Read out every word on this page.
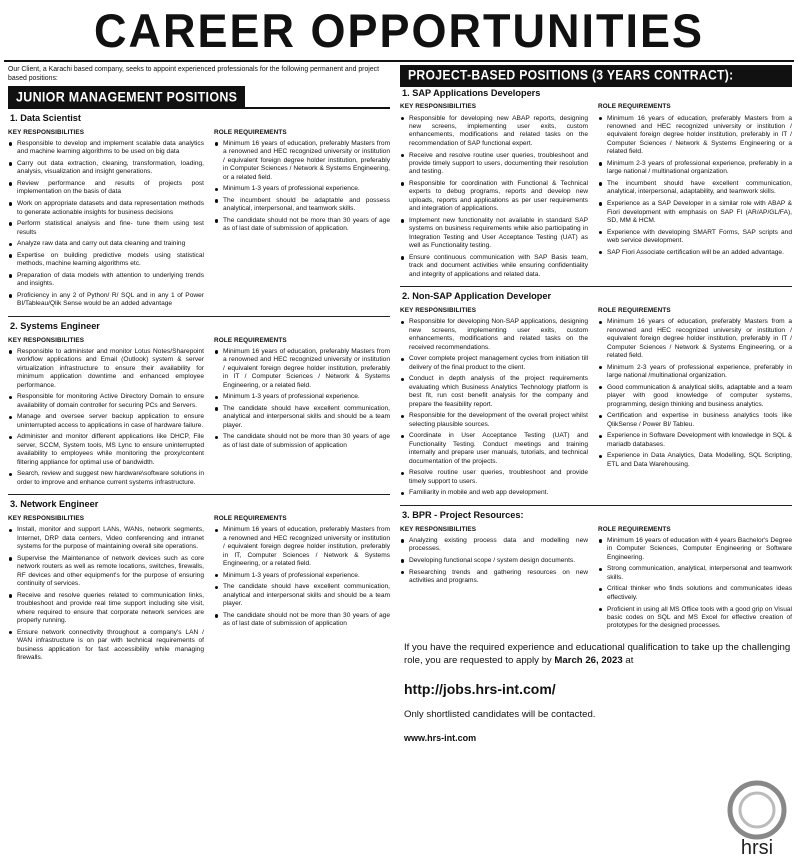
CAREER OPPORTUNITIES

Our Client, a Karachi based company, seeks to appoint experienced professionals for the following permanent and project based positions:

JUNIOR MANAGEMENT POSITIONS
1. Data Scientist
KEY RESPONSIBILITIES
Responsible to develop and implement scalable data analytics and machine learning algorithms to be used on big data
Carry out data extraction, cleaning, transformation, loading, analysis, visualization and insight generations.
Review performance and results of projects post implementation on the basis of data
Work on appropriate datasets and data representation methods to generate actionable insights for business decisions
Perform statistical analysis and fine- tune them using test results
Analyze raw data and carry out data cleaning and training
Expertise on building predictive models using statistical methods, machine learning algorithms etc.
Preparation of data models with attention to underlying trends and insights.
Proficiency in any 2 of Python/ R/ SQL and in any 1 of Power BI/Tableau/Qlik Sense would be an added advantage
ROLE REQUIREMENTS
Minimum 16 years of education, preferably Masters from a renowned and HEC recognized university or institution / equivalent foreign degree holder institution, preferably in Computer Sciences / Network & Systems Engineering, or a related field.
Minimum 1-3 years of professional experience.
The incumbent should be adaptable and possess analytical, interpersonal, and teamwork skills.
The candidate should not be more than 30 years of age as of last date of submission of application.
2. Systems Engineer
KEY RESPONSIBILITIES
Responsible to administer and monitor Lotus Notes/Sharepoint workflow applications and Email (Outlook) system & server virtualization infrastructure to ensure their availability for minimum application downtime and enhanced employee performance.
Responsible for monitoring Active Directory Domain to ensure availability of domain controller for securing PCs and Servers.
Manage and oversee server backup application to ensure uninterrupted access to applications in case of hardware failure.
Administer and monitor different applications like DHCP, File server, SCCM, System tools, MS Lync to ensure uninterrupted availability to employees while monitoring the proxy/content filtering appliance for optimal use of bandwidth.
Search, review and suggest new hardware\software solutions in order to improve and enhance current systems infrastructure.
ROLE REQUIREMENTS
Minimum 16 years of education, preferably Masters from a renowned and HEC recognized university or institution / equivalent foreign degree holder institution, preferably in IT / Computer Sciences / Network & Systems Engineering, or a related field.
Minimum 1-3 years of professional experience.
The candidate should have excellent communication, analytical and interpersonal skills and should be a team player.
The candidate should not be more than 30 years of age as of last date of submission of application
3. Network Engineer
KEY RESPONSIBILITIES
Install, monitor and support LANs, WANs, network segments, Internet, DRP data centers, Video conferencing and intranet systems for the purpose of maintaining overall site operations.
Supervise the Maintenance of network devices such as core network routers as well as remote locations, switches, firewalls, RF devices and other equipment's for the purpose of ensuring continuity of services.
Receive and resolve queries related to communication links, troubleshoot and provide real time support including site visit, where required to ensure that corporate network services are properly running.
Ensure network connectivity throughout a company's LAN / WAN infrastructure is on par with technical requirements of business application for fast accessibility while managing firewalls.
ROLE REQUIREMENTS
Minimum 16 years of education, preferably Masters from a renowned and HEC recognized university or institution / equivalent foreign degree holder institution, preferably in IT, Computer Sciences / Network & Systems Engineering, or a related field.
Minimum 1-3 years of professional experience.
The candidate should have excellent communication, analytical and interpersonal skills and should be a team player.
The candidate should not be more than 30 years of age as of last date of submission of application
PROJECT-BASED POSITIONS (3 YEARS CONTRACT):
1. SAP Applications Developers
KEY RESPONSIBILITIES
Responsible for developing new ABAP reports, designing new screens, implementing user exits, custom enhancements, modifications and related tasks on the recommendation of SAP functional expert.
Receive and resolve routine user queries, troubleshoot and provide timely support to users, documenting their resolution and testing.
Responsible for coordination with Functional & Technical experts to debug programs, reports and develop new uploads, reports and applications as per user requirements and integration of applications.
Implement new functionality not available in standard SAP systems on business requirements while also participating in Integration Testing and User Acceptance Testing (UAT) as well as Functionality testing.
Ensure continuous communication with SAP Basis team, track and document activities while ensuring confidentiality and integrity of applications and related data.
ROLE REQUIREMENTS
Minimum 16 years of education, preferably Masters from a renowned and HEC recognized university or institution / equivalent foreign degree holder institution, preferably in IT / Computer Sciences / Network & Systems Engineering or a related field.
Minimum 2-3 years of professional experience, preferably in a large national / multinational organization.
The incumbent should have excellent communication, analytical, interpersonal, adaptability, and teamwork skills.
Experience as a SAP Developer in a similar role with ABAP & Fiori development with emphasis on SAP FI (AR/AP/GL/FA), SD, MM & HCM.
Experience with developing SMART Forms, SAP scripts and web service development.
SAP Fiori Associate certification will be an added advantage.
2. Non-SAP Application Developer
KEY RESPONSIBILITIES
Responsible for developing Non-SAP applications, designing new screens, implementing user exits, custom enhancements, modifications and related tasks on the received recommendations.
Cover complete project management cycles from initiation till delivery of the final product to the client.
Conduct in depth analysis of the project requirements evaluating which Business Analytics Technology platform is best fit, run cost benefit analysis for the company and prepare the feasibility report.
Responsible for the development of the overall project whilst selecting plausible sources.
Coordinate in User Acceptance Testing (UAT) and Functionality Testing. Conduct meetings and training internally and prepare user manuals, tutorials, and technical documentation of the projects.
Resolve routine user queries, troubleshoot and provide timely support to users.
Familiarity in mobile and web app development.
ROLE REQUIREMENTS
Minimum 16 years of education, preferably Masters from a renowned and HEC recognized university or institution / equivalent foreign degree holder institution, preferably in IT / Computer Sciences / Network & Systems Engineering, or a related field.
Minimum 2-3 years of professional experience, preferably in large national /multinational organization.
Good communication & analytical skills, adaptable and a team player with good knowledge of computer systems, programming, design thinking and business analytics.
Certification and expertise in business analytics tools like QlikSense / Power BI/ Tableu.
Experience in Software Development with knowledge in SQL & mariadb databases.
Experience in Data Analytics, Data Modelling, SQL Scripting, ETL and Data Warehousing.
3. BPR - Project Resources:
KEY RESPONSIBILITIES
Analyzing existing process data and modelling new processes.
Developing functional scope / system design documents.
Researching trends and gathering resources on new activities and programs.
ROLE REQUIREMENTS
Minimum 16 years of education with 4 years Bachelor's Degree in Computer Sciences, Computer Engineering or Software Engineering.
Strong communication, analytical, interpersonal and teamwork skills.
Critical thinker who finds solutions and communicates ideas effectively.
Proficient in using all MS Office tools with a good grip on Visual basic codes on SQL and MS Excel for effective creation of prototypes for the designed processes.

If you have the required experience and educational qualification to take up the challenging role, you are requested to apply by March 26, 2023 at

http://jobs.hrs-int.com/
Only shortlisted candidates will be contacted.
www.hrs-int.com
hrsi
